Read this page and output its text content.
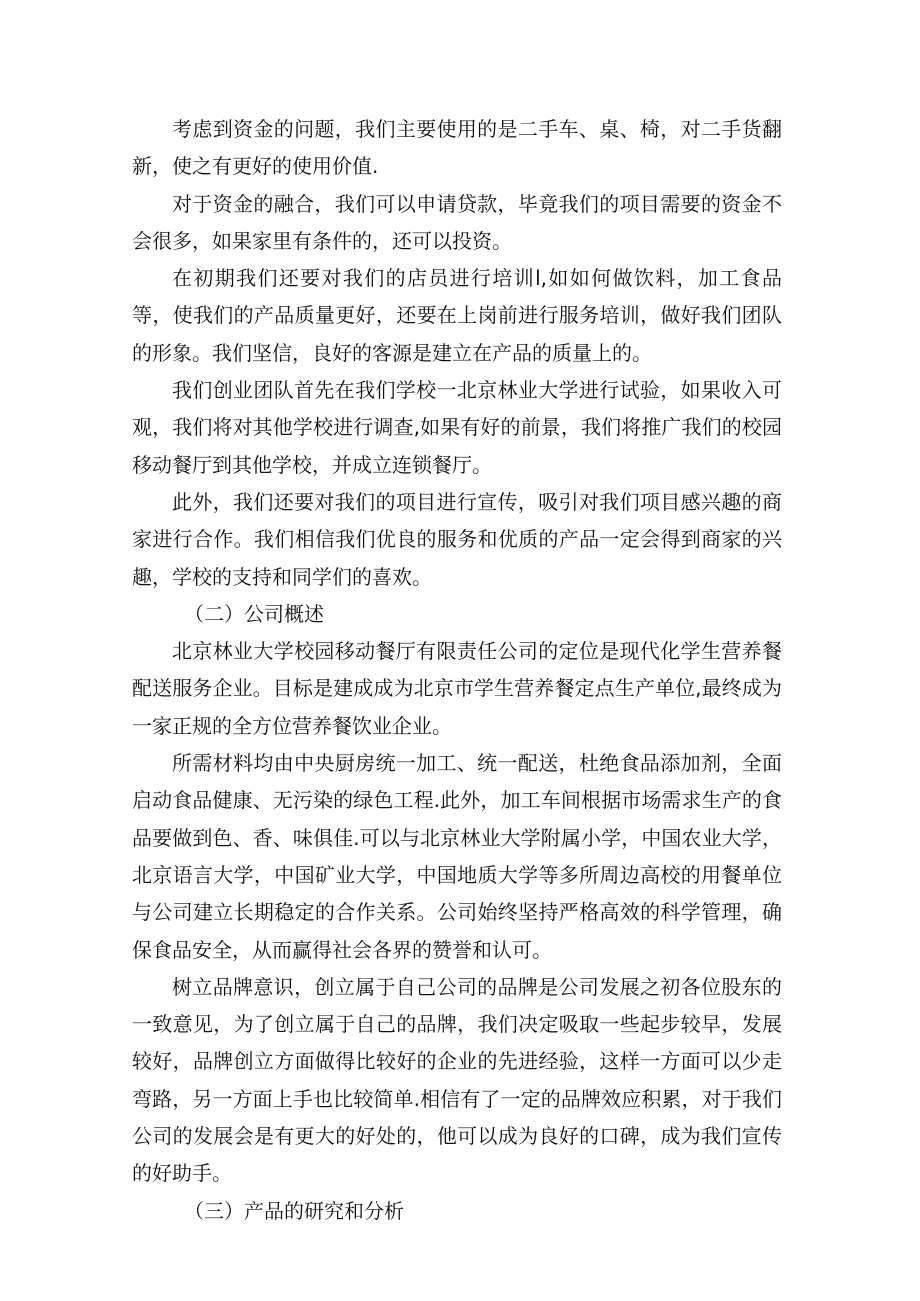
考虑到资金的问题，我们主要使用的是二手车、桌、椅，对二手货翻新，使之有更好的使用价值.

对于资金的融合，我们可以申请贷款，毕竟我们的项目需要的资金不会很多，如果家里有条件的，还可以投资。

在初期我们还要对我们的店员进行培训l,如如何做饮料，加工食品等，使我们的产品质量更好，还要在上岗前进行服务培训，做好我们团队的形象。我们坚信，良好的客源是建立在产品的质量上的。

我们创业团队首先在我们学校一北京林业大学进行试验，如果收入可观，我们将对其他学校进行调查,如果有好的前景，我们将推广我们的校园移动餐厅到其他学校，并成立连锁餐厅。

此外，我们还要对我们的项目进行宣传，吸引对我们项目感兴趣的商家进行合作。我们相信我们优良的服务和优质的产品一定会得到商家的兴趣，学校的支持和同学们的喜欢。

（二）公司概述

北京林业大学校园移动餐厅有限责任公司的定位是现代化学生营养餐配送服务企业。目标是建成成为北京市学生营养餐定点生产单位,最终成为一家正规的全方位营养餐饮业企业。

所需材料均由中央厨房统一加工、统一配送，杜绝食品添加剂，全面启动食品健康、无污染的绿色工程.此外，加工车间根据市场需求生产的食品要做到色、香、味俱佳.可以与北京林业大学附属小学，中国农业大学，北京语言大学，中国矿业大学，中国地质大学等多所周边高校的用餐单位与公司建立长期稳定的合作关系。公司始终坚持严格高效的科学管理，确保食品安全，从而赢得社会各界的赞誉和认可。

树立品牌意识，创立属于自己公司的品牌是公司发展之初各位股东的一致意见，为了创立属于自己的品牌，我们决定吸取一些起步较早，发展较好，品牌创立方面做得比较好的企业的先进经验，这样一方面可以少走弯路，另一方面上手也比较简单.相信有了一定的品牌效应积累，对于我们公司的发展会是有更大的好处的，他可以成为良好的口碑，成为我们宣传的好助手。

（三）产品的研究和分析
